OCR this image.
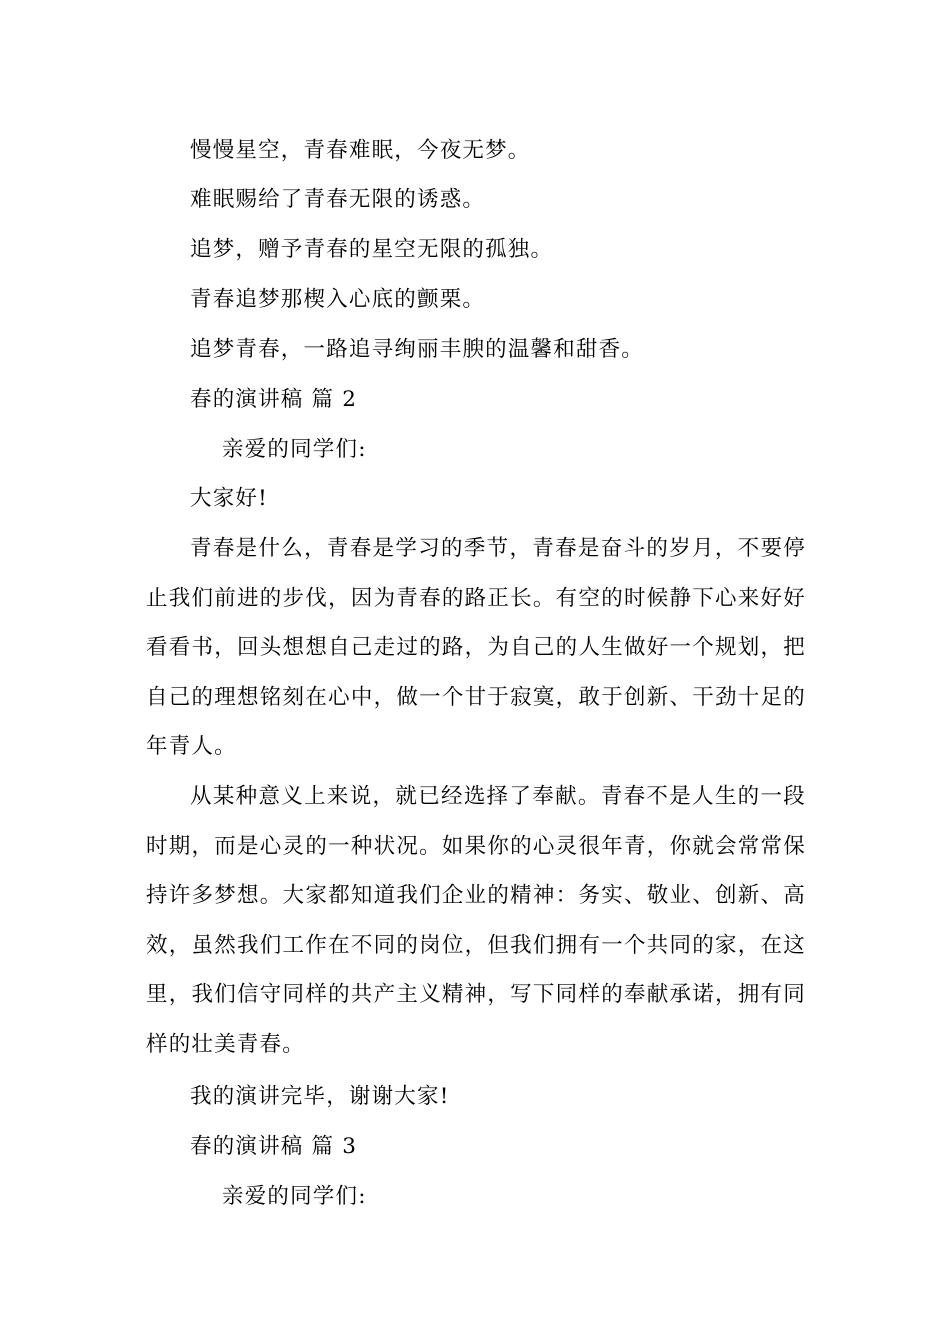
慢慢星空，青春难眠，今夜无梦。
难眠赐给了青春无限的诱惑。
追梦，赠予青春的星空无限的孤独。
青春追梦那楔入心底的颤栗。
追梦青春，一路追寻绚丽丰腴的温馨和甜香。
春的演讲稿 篇 2
亲爱的同学们:
大家好!
青春是什么，青春是学习的季节，青春是奋斗的岁月，不要停止我们前进的步伐，因为青春的路正长。有空的时候静下心来好好看看书，回头想想自己走过的路，为自己的人生做好一个规划，把自己的理想铭刻在心中，做一个甘于寂寞，敢于创新、干劲十足的年青人。
从某种意义上来说，就已经选择了奉献。青春不是人生的一段时期，而是心灵的一种状况。如果你的心灵很年青，你就会常常保持许多梦想。大家都知道我们企业的精神：务实、敬业、创新、高效，虽然我们工作在不同的岗位，但我们拥有一个共同的家，在这里，我们信守同样的共产主义精神，写下同样的奉献承诺，拥有同样的壮美青春。
我的演讲完毕，谢谢大家!
春的演讲稿 篇 3
亲爱的同学们:
